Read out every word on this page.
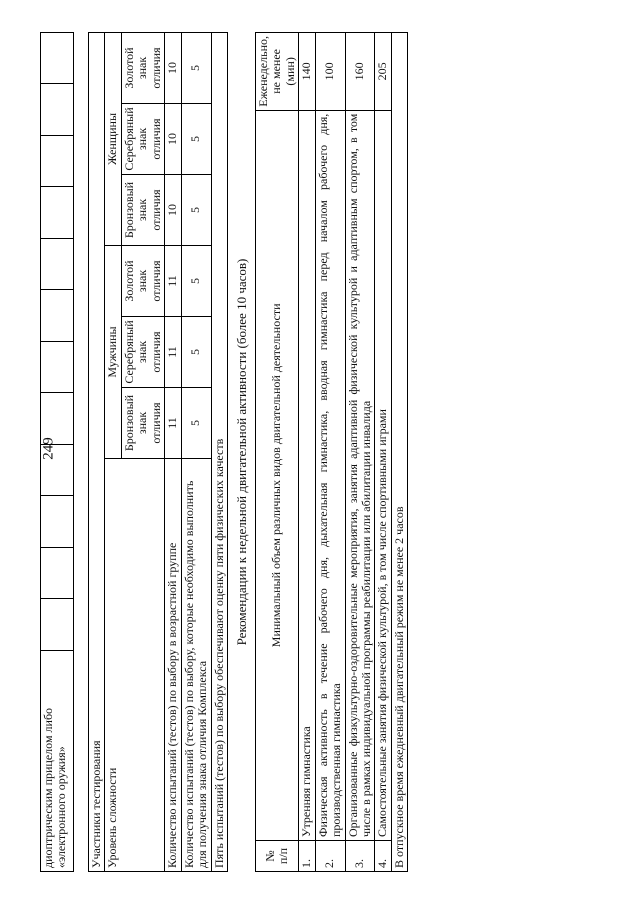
249
диоптрическим прицелом либо
«электронного оружия»												Участники тестирования						
Уровень сложности	Мужчины			Женщины		
	Бронзовый знак отличия	Серебряный знак отличия	Золотой знак отличия	Бронзовый знак отличия	Серебряный знак отличия	Золотой знак отличия
Количество испытаний (тестов) по выбору в возрастной группе	11	11	11	10	10	10
Количество испытаний (тестов) по выбору, которые необходимо выполнить для получения знака отличия Комплекса	5	5	5	5	5	5
Пять испытаний (тестов) по выбору обеспечивают оценку пяти физических качеств						Рекомендации к недельной двигательной активности (более 10 часов)
№ п/п	Минимальный объем различных видов двигательной деятельности	Еженедельно, не менее (мин)
1.	Утренняя гимнастика	140
2.	Физическая активность в течение рабочего дня, дыхательная гимнастика, вводная гимнастика перед началом рабочего дня, производственная гимнастика	100
3.	Организованные физкультурно-оздоровительные мероприятия, занятия адаптивной физической культурой и адаптивным спортом, в том числе в рамках индивидуальной программы реабилитации или абилитации инвалида	160
4.	Самостоятельные занятия физической культурой, в том числе спортивными играми	205
В отпускное время ежедневный двигательный режим не менее 2 часов		
